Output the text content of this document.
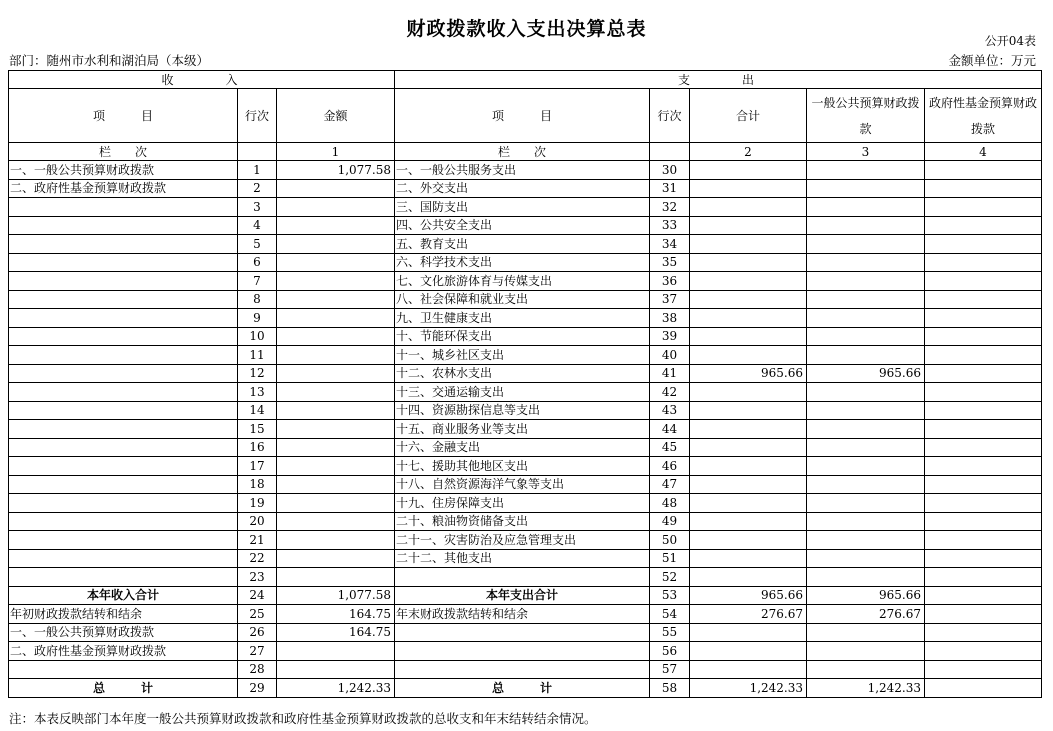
财政拨款收入支出决算总表
公开04表
部门：随州市水利和湖泊局（本级）	金额单位：万元
收　　　入			支　　　出				
项　　　目	行次	金额	项　　　目	行次	合计	一般公共预算财政拨款	政府性基金预算财政拨款
栏　　次		1	栏　　次		2	3	4
一、一般公共预算财政拨款	1	1,077.58	一、一般公共服务支出	30			
二、政府性基金预算财政拨款	2		二、外交支出	31			
	3		三、国防支出	32			
	4		四、公共安全支出	33			
	5		五、教育支出	34			
	6		六、科学技术支出	35			
	7		七、文化旅游体育与传媒支出	36			
	8		八、社会保障和就业支出	37			
	9		九、卫生健康支出	38			
	10		十、节能环保支出	39			
	11		十一、城乡社区支出	40			
	12		十二、农林水支出	41	965.66	965.66	
	13		十三、交通运输支出	42			
	14		十四、资源勘探信息等支出	43			
	15		十五、商业服务业等支出	44			
	16		十六、金融支出	45			
	17		十七、援助其他地区支出	46			
	18		十八、自然资源海洋气象等支出	47			
	19		十九、住房保障支出	48			
	20		二十、粮油物资储备支出	49			
	21		二十一、灾害防治及应急管理支出	50			
	22		二十二、其他支出	51			
	23			52			
本年收入合计	24	1,077.58	本年支出合计	53	965.66	965.66	
年初财政拨款结转和结余	25	164.75	年末财政拨款结转和结余	54	276.67	276.67	
一、一般公共预算财政拨款	26	164.75		55			
二、政府性基金预算财政拨款	27			56			
	28			57			
总　　　计	29	1,242.33	总　　　计	58	1,242.33	1,242.33	
注：本表反映部门本年度一般公共预算财政拨款和政府性基金预算财政拨款的总收支和年末结转结余情况。
